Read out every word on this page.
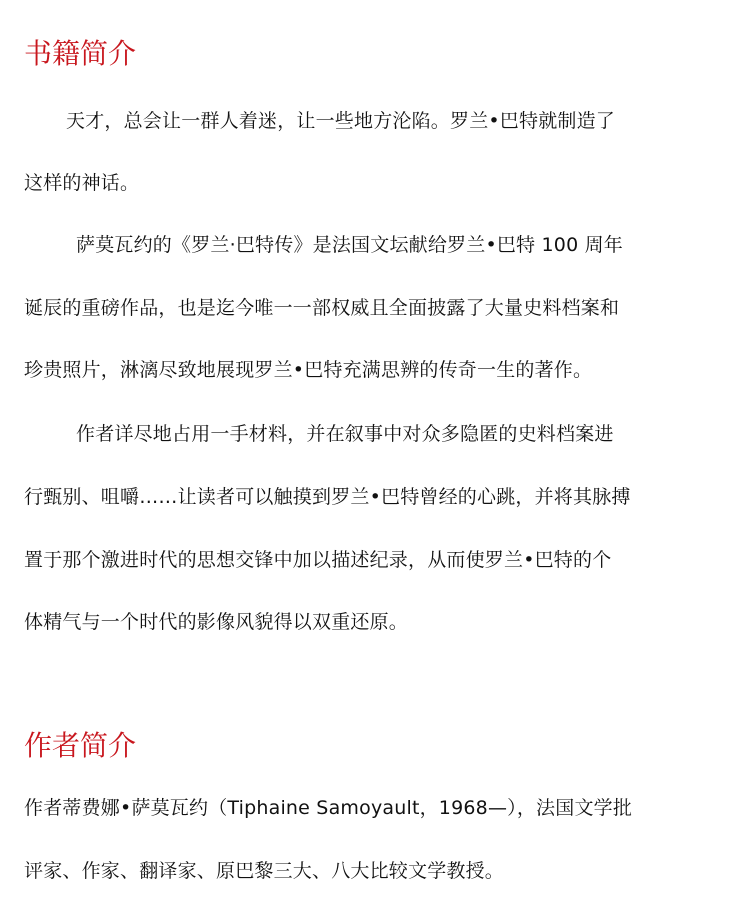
书籍简介

天才，总会让一群人着迷，让一些地方沦陷。罗兰•巴特就制造了

这样的神话。

萨莫瓦约的《罗兰·巴特传》是法国文坛献给罗兰•巴特 100 周年

诞辰的重磅作品，也是迄今唯一一部权威且全面披露了大量史料档案和

珍贵照片，淋漓尽致地展现罗兰•巴特充满思辨的传奇一生的著作。

作者详尽地占用一手材料，并在叙事中对众多隐匿的史料档案进

行甄别、咀嚼……让读者可以触摸到罗兰•巴特曾经的心跳，并将其脉搏

置于那个激进时代的思想交锋中加以描述纪录，从而使罗兰•巴特的个

体精气与一个时代的影像风貌得以双重还原。

作者简介

作者蒂费娜•萨莫瓦约（Tiphaine Samoyault，1968—），法国文学批

评家、作家、翻译家、原巴黎三大、八大比较文学教授。
